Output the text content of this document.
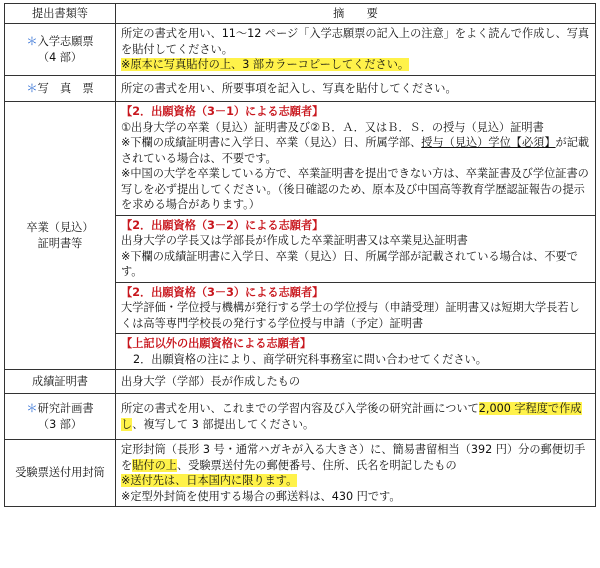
提出書類等	摘　　要

＊入学志願票
（4 部）	所定の書式を用い、11～12 ページ「入学志願票の記入上の注意」をよく読んで作成し、写真を貼付してください。
※原本に写真貼付の上、3 部カラーコピーしてください。
＊写　真　票	所定の書式を用い、所要事項を記入し、写真を貼付してください。

卒業（見込）
証明書等	【2．出願資格（3－1）による志願者】
①出身大学の卒業（見込）証明書及び②Ｂ．Ａ．又はＢ．Ｓ．の授与（見込）証明書
※下欄の成績証明書に入学日、卒業（見込）日、所属学部、授与（見込）学位【必須】が記載されている場合は、不要です。
※中国の大学を卒業している方で、卒業証明書を提出できない方は、卒業証書及び学位証書の写しを必ず提出してください。（後日確認のため、原本及び中国高等教育学歴認証報告の提示を求める場合があります。）

	【2．出願資格（3－2）による志願者】
出身大学の学長又は学部長が作成した卒業証明書又は卒業見込証明書
※下欄の成績証明書に入学日、卒業（見込）日、所属学部が記載されている場合は、不要です。

	【2．出願資格（3－3）による志願者】
大学評価・学位授与機構が発行する学士の学位授与（申請受理）証明書又は短期大学長若しくは高等専門学校長の発行する学位授与申請（予定）証明書

	【上記以外の出願資格による志願者】
2．出願資格の注により、商学研究科事務室に問い合わせてください。

成績証明書	出身大学（学部）長が作成したもの

＊研究計画書
（3 部）	所定の書式を用い、これまでの学習内容及び入学後の研究計画について2,000 字程度で作成し、複写して 3 部提出してください。
受験票送付用封筒	定形封筒（長形 3 号・通常ハガキが入る大きさ）に、簡易書留相当（392 円）分の郵便切手を貼付の上、受験票送付先の郵便番号、住所、氏名を明記したもの
※送付先は、日本国内に限ります。
※定型外封筒を使用する場合の郵送料は、430 円です。
